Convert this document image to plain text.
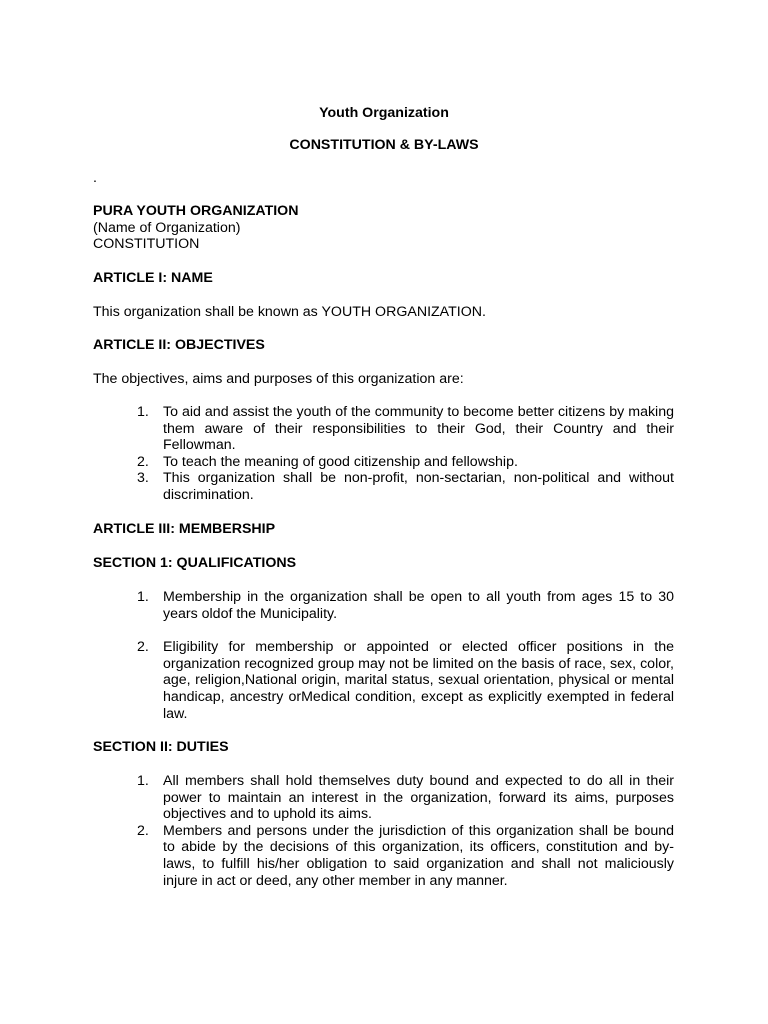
Youth Organization
CONSTITUTION & BY-LAWS
.
PURA YOUTH ORGANIZATION
(Name of Organization)
CONSTITUTION
ARTICLE I: NAME
This organization shall be known as YOUTH ORGANIZATION.
ARTICLE II: OBJECTIVES
The objectives, aims and purposes of this organization are:
1. To aid and assist the youth of the community to become better citizens by making them aware of their responsibilities to their God, their Country and their Fellowman.
2. To teach the meaning of good citizenship and fellowship.
3. This organization shall be non-profit, non-sectarian, non-political and without discrimination.
ARTICLE III: MEMBERSHIP
SECTION 1: QUALIFICATIONS
1. Membership in the organization shall be open to all youth from ages 15 to 30 years oldof the Municipality.
2. Eligibility for membership or appointed or elected officer positions in the organization recognized group may not be limited on the basis of race, sex, color, age, religion,National origin, marital status, sexual orientation, physical or mental handicap, ancestry orMedical condition, except as explicitly exempted in federal law.
SECTION II: DUTIES
1. All members shall hold themselves duty bound and expected to do all in their power to maintain an interest in the organization, forward its aims, purposes objectives and to uphold its aims.
2. Members and persons under the jurisdiction of this organization shall be bound to abide by the decisions of this organization, its officers, constitution and by-laws, to fulfill his/her obligation to said organization and shall not maliciously injure in act or deed, any other member in any manner.
